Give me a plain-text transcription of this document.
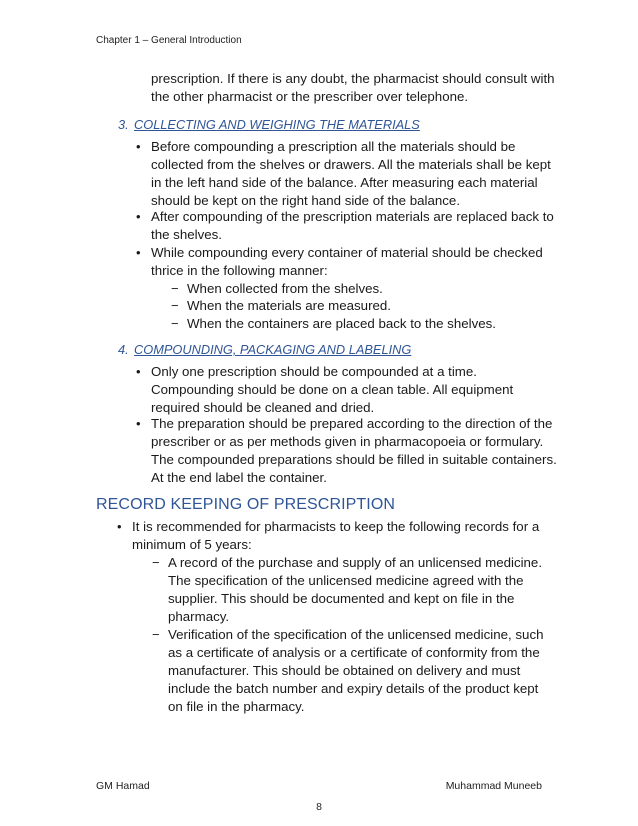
Chapter 1 – General Introduction
prescription. If there is any doubt, the pharmacist should consult with
the other pharmacist or the prescriber over telephone.
3. COLLECTING AND WEIGHING THE MATERIALS
• Before compounding a prescription all the materials should be
collected from the shelves or drawers. All the materials shall be kept
in the left hand side of the balance. After measuring each material
should be kept on the right hand side of the balance.
• After compounding of the prescription materials are replaced back to
the shelves.
• While compounding every container of material should be checked
thrice in the following manner:
− When collected from the shelves.
− When the materials are measured.
− When the containers are placed back to the shelves.
4. COMPOUNDING, PACKAGING AND LABELING
• Only one prescription should be compounded at a time.
Compounding should be done on a clean table. All equipment
required should be cleaned and dried.
• The preparation should be prepared according to the direction of the
prescriber or as per methods given in pharmacopoeia or formulary.
The compounded preparations should be filled in suitable containers.
At the end label the container.
RECORD KEEPING OF PRESCRIPTION
• It is recommended for pharmacists to keep the following records for a
minimum of 5 years:
− A record of the purchase and supply of an unlicensed medicine.
The specification of the unlicensed medicine agreed with the
supplier. This should be documented and kept on file in the
pharmacy.
− Verification of the specification of the unlicensed medicine, such
as a certificate of analysis or a certificate of conformity from the
manufacturer. This should be obtained on delivery and must
include the batch number and expiry details of the product kept
on file in the pharmacy.
GM Hamad	Muhammad Muneeb
8
